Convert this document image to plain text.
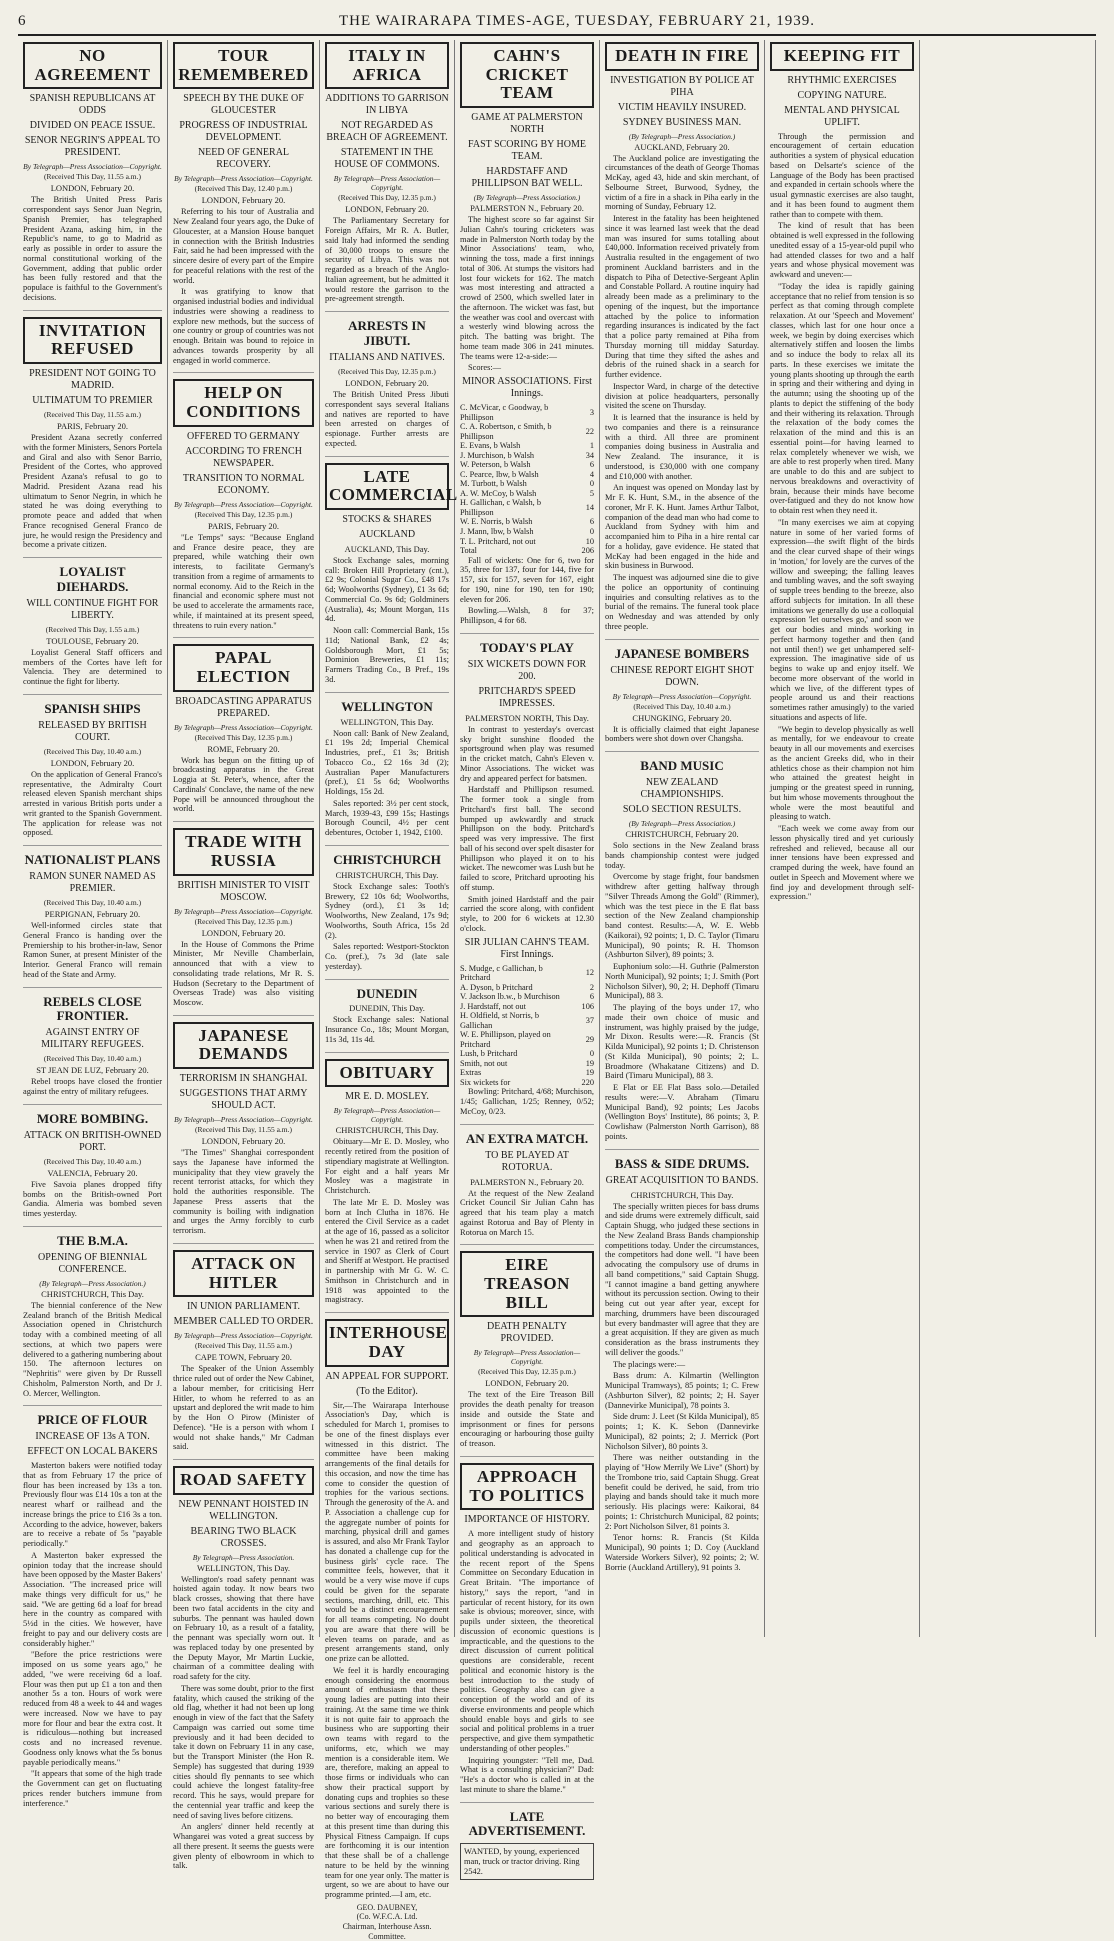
6	THE WAIRARAPA TIMES-AGE, TUESDAY, FEBRUARY 21, 1939.
NO AGREEMENT
SPANISH REPUBLICANS AT ODDS
DIVIDED ON PEACE ISSUE.
SENOR NEGRIN'S APPEAL TO PRESIDENT.
By Telegraph—Press Association—Copyright.
(Received This Day, 11.55 a.m.)
LONDON, February 20.

The British United Press Paris correspondent says Senor Juan Negrin, Spanish Premier, has telegraphed President Azana, asking him, in the Republic's name, to go to Madrid as early as possible in order to assure the normal constitutional working of the Government, adding that public order has been fully restored and that the populace is faithful to the Government's decisions.

INVITATION REFUSED
PRESIDENT NOT GOING TO MADRID.
ULTIMATUM TO PREMIER
(Received This Day, 11.55 a.m.)
PARIS, February 20.

President Azana secretly conferred with the former Ministers, Senors Portela and Giral and also with Senor Barrio, President of the Cortes, who approved President Azana's refusal to go to Madrid. President Azana read his ultimatum to Senor Negrin, in which he stated he was doing everything to promote peace and added that when France recognised General Franco de jure, he would resign the Presidency and become a private citizen.

LOYALIST DIEHARDS.
WILL CONTINUE FIGHT FOR LIBERTY.
(Received This Day, 1.55 a.m.)
TOULOUSE, February 20.

Loyalist General Staff officers and members of the Cortes have left for Valencia. They are determined to continue the fight for liberty.

SPANISH SHIPS
RELEASED BY BRITISH COURT.
(Received This Day, 10.40 a.m.)
LONDON, February 20.

On the application of General Franco's representative, the Admiralty Court released eleven Spanish merchant ships arrested in various British ports under a writ granted to the Spanish Government. The application for release was not opposed.

NATIONALIST PLANS
RAMON SUNER NAMED AS PREMIER.
(Received This Day, 10.40 a.m.)
PERPIGNAN, February 20.

Well-informed circles state that General Franco is handing over the Premiership to his brother-in-law, Senor Ramon Suner, at present Minister of the Interior. General Franco will remain head of the State and Army.

REBELS CLOSE FRONTIER.
AGAINST ENTRY OF MILITARY REFUGEES.
(Received This Day, 10.40 a.m.)
ST JEAN DE LUZ, February 20.

Rebel troops have closed the frontier against the entry of military refugees.

MORE BOMBING.
ATTACK ON BRITISH-OWNED PORT.
(Received This Day, 10.40 a.m.)
VALENCIA, February 20.

Five Savoia planes dropped fifty bombs on the British-owned Port Gandia. Almeria was bombed seven times yesterday.

THE B.M.A.
OPENING OF BIENNIAL CONFERENCE.
(By Telegraph—Press Association.)
CHRISTCHURCH, This Day.

The biennial conference of the New Zealand branch of the British Medical Association opened in Christchurch today with a combined meeting of all sections, at which two papers were delivered to a gathering numbering about 150. The afternoon lectures on "Nephritis" were given by Dr Russell Chisholm, Palmerston North, and Dr J. O. Mercer, Wellington.

PRICE OF FLOUR
INCREASE OF 13s A TON.
EFFECT ON LOCAL BAKERS

Masterton bakers were notified today that as from February 17 the price of flour has been increased by 13s a ton. Previously flour was £14 10s a ton at the nearest wharf or railhead and the increase brings the price to £16 3s a ton. According to the advice, however, bakers are to receive a rebate of 5s "payable periodically."

A Masterton baker expressed the opinion today that the increase should have been opposed by the Master Bakers' Association. "The increased price will make things very difficult for us," he said. "We are getting 6d a loaf for bread here in the country as compared with 5½d in the cities. We however, have freight to pay and our delivery costs are considerably higher."

"Before the price restrictions were imposed on us some years ago," he added, "we were receiving 6d a loaf. Flour was then put up £1 a ton and then another 5s a ton. Hours of work were reduced from 48 a week to 44 and wages were increased. Now we have to pay more for flour and bear the extra cost. It is ridiculous—nothing but increased costs and no increased revenue. Goodness only knows what the 5s bonus payable periodically means."

"It appears that some of the high trade the Government can get on fluctuating prices render butchers immune from interference."

TOUR REMEMBERED
SPEECH BY THE DUKE OF GLOUCESTER
PROGRESS OF INDUSTRIAL DEVELOPMENT.
NEED OF GENERAL RECOVERY.
By Telegraph—Press Association—Copyright.
(Received This Day, 12.40 p.m.)
LONDON, February 20.

Referring to his tour of Australia and New Zealand four years ago, the Duke of Gloucester, at a Mansion House banquet in connection with the British Industries Fair, said he had been impressed with the sincere desire of every part of the Empire for peaceful relations with the rest of the world.

It was gratifying to know that organised industrial bodies and individual industries were showing a readiness to explore new methods, but the success of one country or group of countries was not enough. Britain was bound to rejoice in advances towards prosperity by all engaged in world commerce.

HELP ON CONDITIONS
OFFERED TO GERMANY
ACCORDING TO FRENCH NEWSPAPER.
TRANSITION TO NORMAL ECONOMY.
By Telegraph—Press Association—Copyright.
(Received This Day, 12.35 p.m.)
PARIS, February 20.

"Le Temps" says: "Because England and France desire peace, they are prepared, while watching their own interests, to facilitate Germany's transition from a regime of armaments to normal economy. Aid to the Reich in the financial and economic sphere must not be used to accelerate the armaments race, while, if maintained at its present speed, threatens to ruin every nation."

PAPAL ELECTION
BROADCASTING APPARATUS PREPARED.
By Telegraph—Press Association—Copyright.
(Received This Day, 12.35 p.m.)
ROME, February 20.

Work has begun on the fitting up of broadcasting apparatus in the Great Loggia at St. Peter's, whence, after the Cardinals' Conclave, the name of the new Pope will be announced throughout the world.

TRADE WITH RUSSIA
BRITISH MINISTER TO VISIT MOSCOW.
By Telegraph—Press Association—Copyright.
(Received This Day, 12.35 p.m.)
LONDON, February 20.

In the House of Commons the Prime Minister, Mr Neville Chamberlain, announced that with a view to consolidating trade relations, Mr R. S. Hudson (Secretary to the Department of Overseas Trade) was also visiting Moscow.

JAPANESE DEMANDS
TERRORISM IN SHANGHAI.
SUGGESTIONS THAT ARMY SHOULD ACT.
By Telegraph—Press Association—Copyright.
(Received This Day, 11.55 a.m.)
LONDON, February 20.

"The Times" Shanghai correspondent says the Japanese have informed the municipality that they view gravely the recent terrorist attacks, for which they hold the authorities responsible. The Japanese Press asserts that the community is boiling with indignation and urges the Army forcibly to curb terrorism.

ATTACK ON HITLER
IN UNION PARLIAMENT.
MEMBER CALLED TO ORDER.
By Telegraph—Press Association—Copyright.
(Received This Day, 11.55 a.m.)
CAPE TOWN, February 20.

The Speaker of the Union Assembly thrice ruled out of order the New Cabinet, a labour member, for criticising Herr Hitler, to whom he referred to as an upstart and deplored the writ made to him by the Hon O Pirow (Minister of Defence). "He is a person with whom I would not shake hands," Mr Cadman said.

ROAD SAFETY
NEW PENNANT HOISTED IN WELLINGTON.
BEARING TWO BLACK CROSSES.
By Telegraph—Press Association.
WELLINGTON, This Day.

Wellington's road safety pennant was hoisted again today. It now bears two black crosses, showing that there have been two fatal accidents in the city and suburbs. The pennant was hauled down on February 10, as a result of a fatality, the pennant was specially worn out. It was replaced today by one presented by the Deputy Mayor, Mr Martin Luckie, chairman of a committee dealing with road safety for the city.

There was some doubt, prior to the first fatality, which caused the striking of the old flag, whether it had not been up long enough in view of the fact that the Safety Campaign was carried out some time previously and it had been decided to take it down on February 11 in any case, but the Transport Minister (the Hon R. Semple) has suggested that during 1939 cities should fly pennants to see which could achieve the longest fatality-free record. This he says, would prepare for the centennial year traffic and keep the need of saving lives before citizens.

An anglers' dinner held recently at Whangarei was voted a great success by all there present. It seems the guests were given plenty of elbowroom in which to talk.

ITALY IN AFRICA
ADDITIONS TO GARRISON IN LIBYA
NOT REGARDED AS BREACH OF AGREEMENT.
STATEMENT IN THE HOUSE OF COMMONS.
By Telegraph—Press Association—Copyright.
(Received This Day, 12.35 p.m.)
LONDON, February 20.

The Parliamentary Secretary for Foreign Affairs, Mr R. A. Butler, said Italy had informed the sending of 30,000 troops to ensure the security of Libya. This was not regarded as a breach of the Anglo-Italian agreement, but he admitted it would restore the garrison to the pre-agreement strength.

ARRESTS IN JIBUTI.
ITALIANS AND NATIVES.
(Received This Day, 12.35 p.m.)
LONDON, February 20.

The British United Press Jibuti correspondent says several Italians and natives are reported to have been arrested on charges of espionage. Further arrests are expected.

LATE COMMERCIAL
STOCKS & SHARES
AUCKLAND
AUCKLAND, This Day.

Stock Exchange sales, morning call: Broken Hill Proprietary (cnt.), £2 9s; Colonial Sugar Co., £48 17s 6d; Woolworths (Sydney), £1 3s 6d; Commercial Co. 9s 6d; Goldminers (Australia), 4s; Mount Morgan, 11s 4d.

Noon call: Commercial Bank, 15s 11d; National Bank, £2 4s; Goldsborough Mort, £1 5s; Dominion Breweries, £1 11s; Farmers Trading Co., B Pref., 19s 3d.

WELLINGTON
WELLINGTON, This Day.

Noon call: Bank of New Zealand, £1 19s 2d; Imperial Chemical Industries, pref., £1 3s; British Tobacco Co., £2 16s 3d (2); Australian Paper Manufacturers (pref.), £1 5s 6d; Woolworths Holdings, 15s 2d.

Sales reported: 3½ per cent stock, March, 1939-43, £99 15s; Hastings Borough Council, 4½ per cent debentures, October 1, 1942, £100.

CHRISTCHURCH
CHRISTCHURCH, This Day.

Stock Exchange sales: Tooth's Brewery, £2 10s 6d; Woolworths, Sydney (ord.), £1 3s 1d; Woolworths, New Zealand, 17s 9d; Woolworths, South Africa, 15s 2d (2).

Sales reported: Westport-Stockton Co. (pref.), 7s 3d (late sale yesterday).

DUNEDIN
DUNEDIN, This Day.

Stock Exchange sales: National Insurance Co., 18s; Mount Morgan, 11s 3d, 11s 4d.

OBITUARY
MR E. D. MOSLEY.
By Telegraph—Press Association—Copyright.
CHRISTCHURCH, This Day.

Obituary—Mr E. D. Mosley, who recently retired from the position of stipendiary magistrate at Wellington. For eight and a half years Mr Mosley was a magistrate in Christchurch.

The late Mr E. D. Mosley was born at Inch Clutha in 1876. He entered the Civil Service as a cadet at the age of 16, passed as a solicitor when he was 21 and retired from the service in 1907 as Clerk of Court and Sheriff at Westport. He practised in partnership with Mr G. W. C. Smithson in Christchurch and in 1918 was appointed to the magistracy.

INTERHOUSE DAY
AN APPEAL FOR SUPPORT.
(To the Editor).

Sir,—The Wairarapa Interhouse Association's Day, which is scheduled for March 1, promises to be one of the finest displays ever witnessed in this district. The committee have been making arrangements of the final details for this occasion, and now the time has come to consider the question of trophies for the various sections. Through the generosity of the A. and P. Association a challenge cup for the aggregate number of points for marching, physical drill and games is assured, and also Mr Frank Taylor has donated a challenge cup for the business girls' cycle race. The committee feels, however, that it would be a very wise move if cups could be given for the separate sections, marching, drill, etc. This would be a distinct encouragement for all teams competing. No doubt you are aware that there will be eleven teams on parade, and as present arrangements stand, only one prize can be allotted.

We feel it is hardly encouraging enough considering the enormous amount of enthusiasm that these young ladies are putting into their training. At the same time we think it is not quite fair to approach the business who are supporting their own teams with regard to the uniforms, etc, which we may mention is a considerable item. We are, therefore, making an appeal to those firms or individuals who can show their practical support by donating cups and trophies so these various sections and surely there is no better way of encouraging them at this present time than during this Physical Fitness Campaign. If cups are forthcoming it is our intention that these shall be of a challenge nature to be held by the winning team for one year only. The matter is urgent, so we are about to have our programme printed.—I am, etc.

GEO. DAUBNEY,
(Co. W.F.C.A. Ltd.
Chairman, Interhouse Assn. Committee.
CAHN'S CRICKET TEAM
GAME AT PALMERSTON NORTH
FAST SCORING BY HOME TEAM.
HARDSTAFF AND PHILLIPSON BAT WELL.
(By Telegraph—Press Association.)
PALMERSTON N., February 20.

The highest score so far against Sir Julian Cahn's touring cricketers was made in Palmerston North today by the Minor Associations' team, who, winning the toss, made a first innings total of 306. At stumps the visitors had lost four wickets for 162. The match was most interesting and attracted a crowd of 2500, which swelled later in the afternoon. The wicket was fast, but the weather was cool and overcast with a westerly wind blowing across the pitch. The batting was bright. The home team made 306 in 241 minutes. The teams were 12-a-side:—

Scores:—

MINOR ASSOCIATIONS. First Innings.
C. McVicar, c Goodway, b Phillipson	3
C. A. Robertson, c Smith, b Phillipson	22
E. Evans, b Walsh	1
J. Murchison, b Walsh	34
W. Peterson, b Walsh	6
C. Pearce, lbw, b Walsh	4
M. Turbott, b Walsh	0
A. W. McCoy, b Walsh	5
H. Gallichan, c Walsh, b Phillipson	14
W. E. Norris, b Walsh	6
J. Mann, lbw, b Walsh	0
T. L. Pritchard, not out	10
Total	206

Fall of wickets: One for 6, two for 35, three for 137, four for 144, five for 157, six for 157, seven for 167, eight for 190, nine for 190, ten for 190; eleven for 206.

Bowling.—Walsh, 8 for 37; Phillipson, 4 for 68.

TODAY'S PLAY
SIX WICKETS DOWN FOR 200.
PRITCHARD'S SPEED IMPRESSES.
PALMERSTON NORTH, This Day.

In contrast to yesterday's overcast sky bright sunshine flooded the sportsground when play was resumed in the cricket match, Cahn's Eleven v. Minor Associations. The wicket was dry and appeared perfect for batsmen.

Hardstaff and Phillipson resumed. The former took a single from Pritchard's first ball. The second bumped up awkwardly and struck Phillipson on the body. Pritchard's speed was very impressive. The first ball of his second over spelt disaster for Phillipson who played it on to his wicket. The newcomer was Lush but he failed to score, Pritchard uprooting his off stump.

Smith joined Hardstaff and the pair carried the score along, with confident style, to 200 for 6 wickets at 12.30 o'clock.

SIR JULIAN CAHN'S TEAM. First Innings.
S. Mudge, c Gallichan, b Pritchard	12
A. Dyson, b Pritchard	2
V. Jackson lb.w., b Murchison	6
J. Hardstaff, not out	106
H. Oldfield, st Norris, b Gallichan	37
W. E. Phillipson, played on Pritchard	29
Lush, b Pritchard	0
Smith, not out	19
Extras	19
Six wickets for	220

Bowling: Pritchard, 4/68; Murchison, 1/45; Gallichan, 1/25; Renney, 0/52; McCoy, 0/23.

AN EXTRA MATCH.
TO BE PLAYED AT ROTORUA.
PALMERSTON N., February 20.

At the request of the New Zealand Cricket Council Sir Julian Cahn has agreed that his team play a match against Rotorua and Bay of Plenty in Rotorua on March 15.

EIRE TREASON BILL
DEATH PENALTY PROVIDED.
By Telegraph—Press Association—Copyright.
(Received This Day, 12.35 p.m.)
LONDON, February 20.

The text of the Eire Treason Bill provides the death penalty for treason inside and outside the State and imprisonment or fines for persons encouraging or harbouring those guilty of treason.

APPROACH TO POLITICS
IMPORTANCE OF HISTORY.

A more intelligent study of history and geography as an approach to political understanding is advocated in the recent report of the Spens Committee on Secondary Education in Great Britain. "The importance of history," says the report, "and in particular of recent history, for its own sake is obvious; moreover, since, with pupils under sixteen, the theoretical discussion of economic questions is impracticable, and the questions to the direct discussion of current political questions are considerable, recent political and economic history is the best introduction to the study of politics. Geography also can give a conception of the world and of its diverse environments and people which should enable boys and girls to see social and political problems in a truer perspective, and give them sympathetic understanding of other peoples."

Inquiring youngster: "Tell me, Dad. What is a consulting physician?" Dad: "He's a doctor who is called in at the last minute to share the blame."

LATE ADVERTISEMENT.
WANTED, by young, experienced man, truck or tractor driving. Ring 2542.
DEATH IN FIRE
INVESTIGATION BY POLICE AT PIHA
VICTIM HEAVILY INSURED.
SYDNEY BUSINESS MAN.
(By Telegraph—Press Association.)
AUCKLAND, February 20.

The Auckland police are investigating the circumstances of the death of George Thomas McKay, aged 43, hide and skin merchant, of Selbourne Street, Burwood, Sydney, the victim of a fire in a shack in Piha early in the morning of Sunday, February 12.

Interest in the fatality has been heightened since it was learned last week that the dead man was insured for sums totalling about £40,000. Information received privately from Australia resulted in the engagement of two prominent Auckland barristers and in the dispatch to Piha of Detective-Sergeant Aplin and Constable Pollard. A routine inquiry had already been made as a preliminary to the opening of the inquest, but the importance attached by the police to information regarding insurances is indicated by the fact that a police party remained at Piha from Thursday morning till midday Saturday. During that time they sifted the ashes and debris of the ruined shack in a search for further evidence.

Inspector Ward, in charge of the detective division at police headquarters, personally visited the scene on Thursday.

It is learned that the insurance is held by two companies and there is a reinsurance with a third. All three are prominent companies doing business in Australia and New Zealand. The insurance, it is understood, is £30,000 with one company and £10,000 with another.

An inquest was opened on Monday last by Mr F. K. Hunt, S.M., in the absence of the coroner, Mr F. K. Hunt. James Arthur Talbot, companion of the dead man who had come to Auckland from Sydney with him and accompanied him to Piha in a hire rental car for a holiday, gave evidence. He stated that McKay had been engaged in the hide and skin business in Burwood.

The inquest was adjourned sine die to give the police an opportunity of continuing inquiries and consulting relatives as to the burial of the remains. The funeral took place on Wednesday and was attended by only three people.

JAPANESE BOMBERS
CHINESE REPORT EIGHT SHOT DOWN.
By Telegraph—Press Association—Copyright.
(Received This Day, 10.40 a.m.)
CHUNGKING, February 20.

It is officially claimed that eight Japanese bombers were shot down over Changsha.

BAND MUSIC
NEW ZEALAND CHAMPIONSHIPS.
SOLO SECTION RESULTS.
(By Telegraph—Press Association.)
CHRISTCHURCH, February 20.

Solo sections in the New Zealand brass bands championship contest were judged today.

Overcome by stage fright, four bandsmen withdrew after getting halfway through "Silver Threads Among the Gold" (Rimmer), which was the test piece in the E flat bass section of the New Zealand championship band contest. Results:—A, W. E. Webb (Kaikorai), 92 points; 1, D. C. Taylor (Timaru Municipal), 90 points; R. H. Thomson (Ashburton Silver), 89 points; 3.

Euphonium solo:—H. Guthrie (Palmerston North Municipal), 92 points; 1; J. Smith (Port Nicholson Silver), 90, 2; H. Dephoff (Timaru Municipal), 88 3.

The playing of the boys under 17, who made their own choice of music and instrument, was highly praised by the judge, Mr Dixon. Results were:—R. Francis (St Kilda Municipal), 92 points 1; D. Christenson (St Kilda Municipal), 90 points; 2; L. Broadmore (Whakatane Citizens) and D. Baird (Timaru Municipal), 88 3.

E Flat or EE Flat Bass solo.—Detailed results were:—V. Abraham (Timaru Municipal Band), 92 points; Les Jacobs (Wellington Boys' Institute), 86 points; 3, P. Cowlishaw (Palmerston North Garrison), 88 points.

BASS & SIDE DRUMS.
GREAT ACQUISITION TO BANDS.
CHRISTCHURCH, This Day.

The specially written pieces for bass drums and side drums were extremely difficult, said Captain Shugg, who judged these sections in the New Zealand Brass Bands championship competitions today. Under the circumstances, the competitors had done well. "I have been advocating the compulsory use of drums in all band competitions," said Captain Shugg. "I cannot imagine a band getting anywhere without its percussion section. Owing to their being cut out year after year, except for marching, drummers have been discouraged but every bandmaster will agree that they are a great acquisition. If they are given as much consideration as the brass instruments they will deliver the goods."

The placings were:—

Bass drum: A. Kilmartin (Wellington Municipal Tramways), 85 points; 1; C. Frew (Ashburton Silver), 82 points; 2; H. Sayer (Dannevirke Municipal), 78 points 3.

Side drum: J. Leet (St Kilda Municipal), 85 points; 1; K. K. Sebon (Dannevirke Municipal), 82 points; 2; J. Merrick (Port Nicholson Silver), 80 points 3.

There was neither outstanding in the playing of "How Merrily We Live" (Short) by the Trombone trio, said Captain Shugg. Great benefit could be derived, he said, from trio playing and bands should take it much more seriously. His placings were: Kaikorai, 84 points; 1: Christchurch Municipal, 82 points; 2: Port Nicholson Silver, 81 points 3.

Tenor horns: R. Francis (St Kilda Municipal), 90 points 1; D. Coy (Auckland Waterside Workers Silver), 92 points; 2; W. Borrie (Auckland Artillery), 91 points 3.

KEEPING FIT
RHYTHMIC EXERCISES
COPYING NATURE.
MENTAL AND PHYSICAL UPLIFT.

Through the permission and encouragement of certain education authorities a system of physical education based on Delsarte's science of the Language of the Body has been practised and expanded in certain schools where the usual gymnastic exercises are also taught, and it has been found to augment them rather than to compete with them.

The kind of result that has been obtained is well expressed in the following unedited essay of a 15-year-old pupil who had attended classes for two and a half years and whose physical movement was awkward and uneven:—

"Today the idea is rapidly gaining acceptance that no relief from tension is so perfect as that coming through complete relaxation. At our 'Speech and Movement' classes, which last for one hour once a week, we begin by doing exercises which alternatively stiffen and loosen the limbs and so induce the body to relax all its parts. In these exercises we imitate the young plants shooting up through the earth in spring and their withering and dying in the autumn; using the shooting up of the plants to depict the stiffening of the body and their withering its relaxation. Through the relaxation of the body comes the relaxation of the mind and this is an essential point—for having learned to relax completely whenever we wish, we are able to rest properly when tired. Many are unable to do this and are subject to nervous breakdowns and overactivity of brain, because their minds have become over-fatigued and they do not know how to obtain rest when they need it.

"In many exercises we aim at copying nature in some of her varied forms of expression—the swift flight of the birds and the clear curved shape of their wings in 'motion,' for lovely are the curves of the willow and sweeping; the falling leaves and tumbling waves, and the soft swaying of supple trees bending to the breeze, also afford subjects for imitation. In all these imitations we generally do use a colloquial expression 'let ourselves go,' and soon we get our bodies and minds working in perfect harmony together and then (and not until then!) we get unhampered self-expression. The imaginative side of us begins to wake up and enjoy itself. We become more observant of the world in which we live, of the different types of people around us and their reactions sometimes rather amusingly) to the varied situations and aspects of life.

"We begin to develop physically as well as mentally, for we endeavour to create beauty in all our movements and exercises as the ancient Greeks did, who in their athletics chose as their champion not him who attained the greatest height in jumping or the greatest speed in running, but him whose movements throughout the whole were the most beautiful and pleasing to watch.

"Each week we come away from our lesson physically tired and yet curiously refreshed and relieved, because all our inner tensions have been expressed and cramped during the week, have found an outlet in Speech and Movement where we find joy and development through self-expression."
